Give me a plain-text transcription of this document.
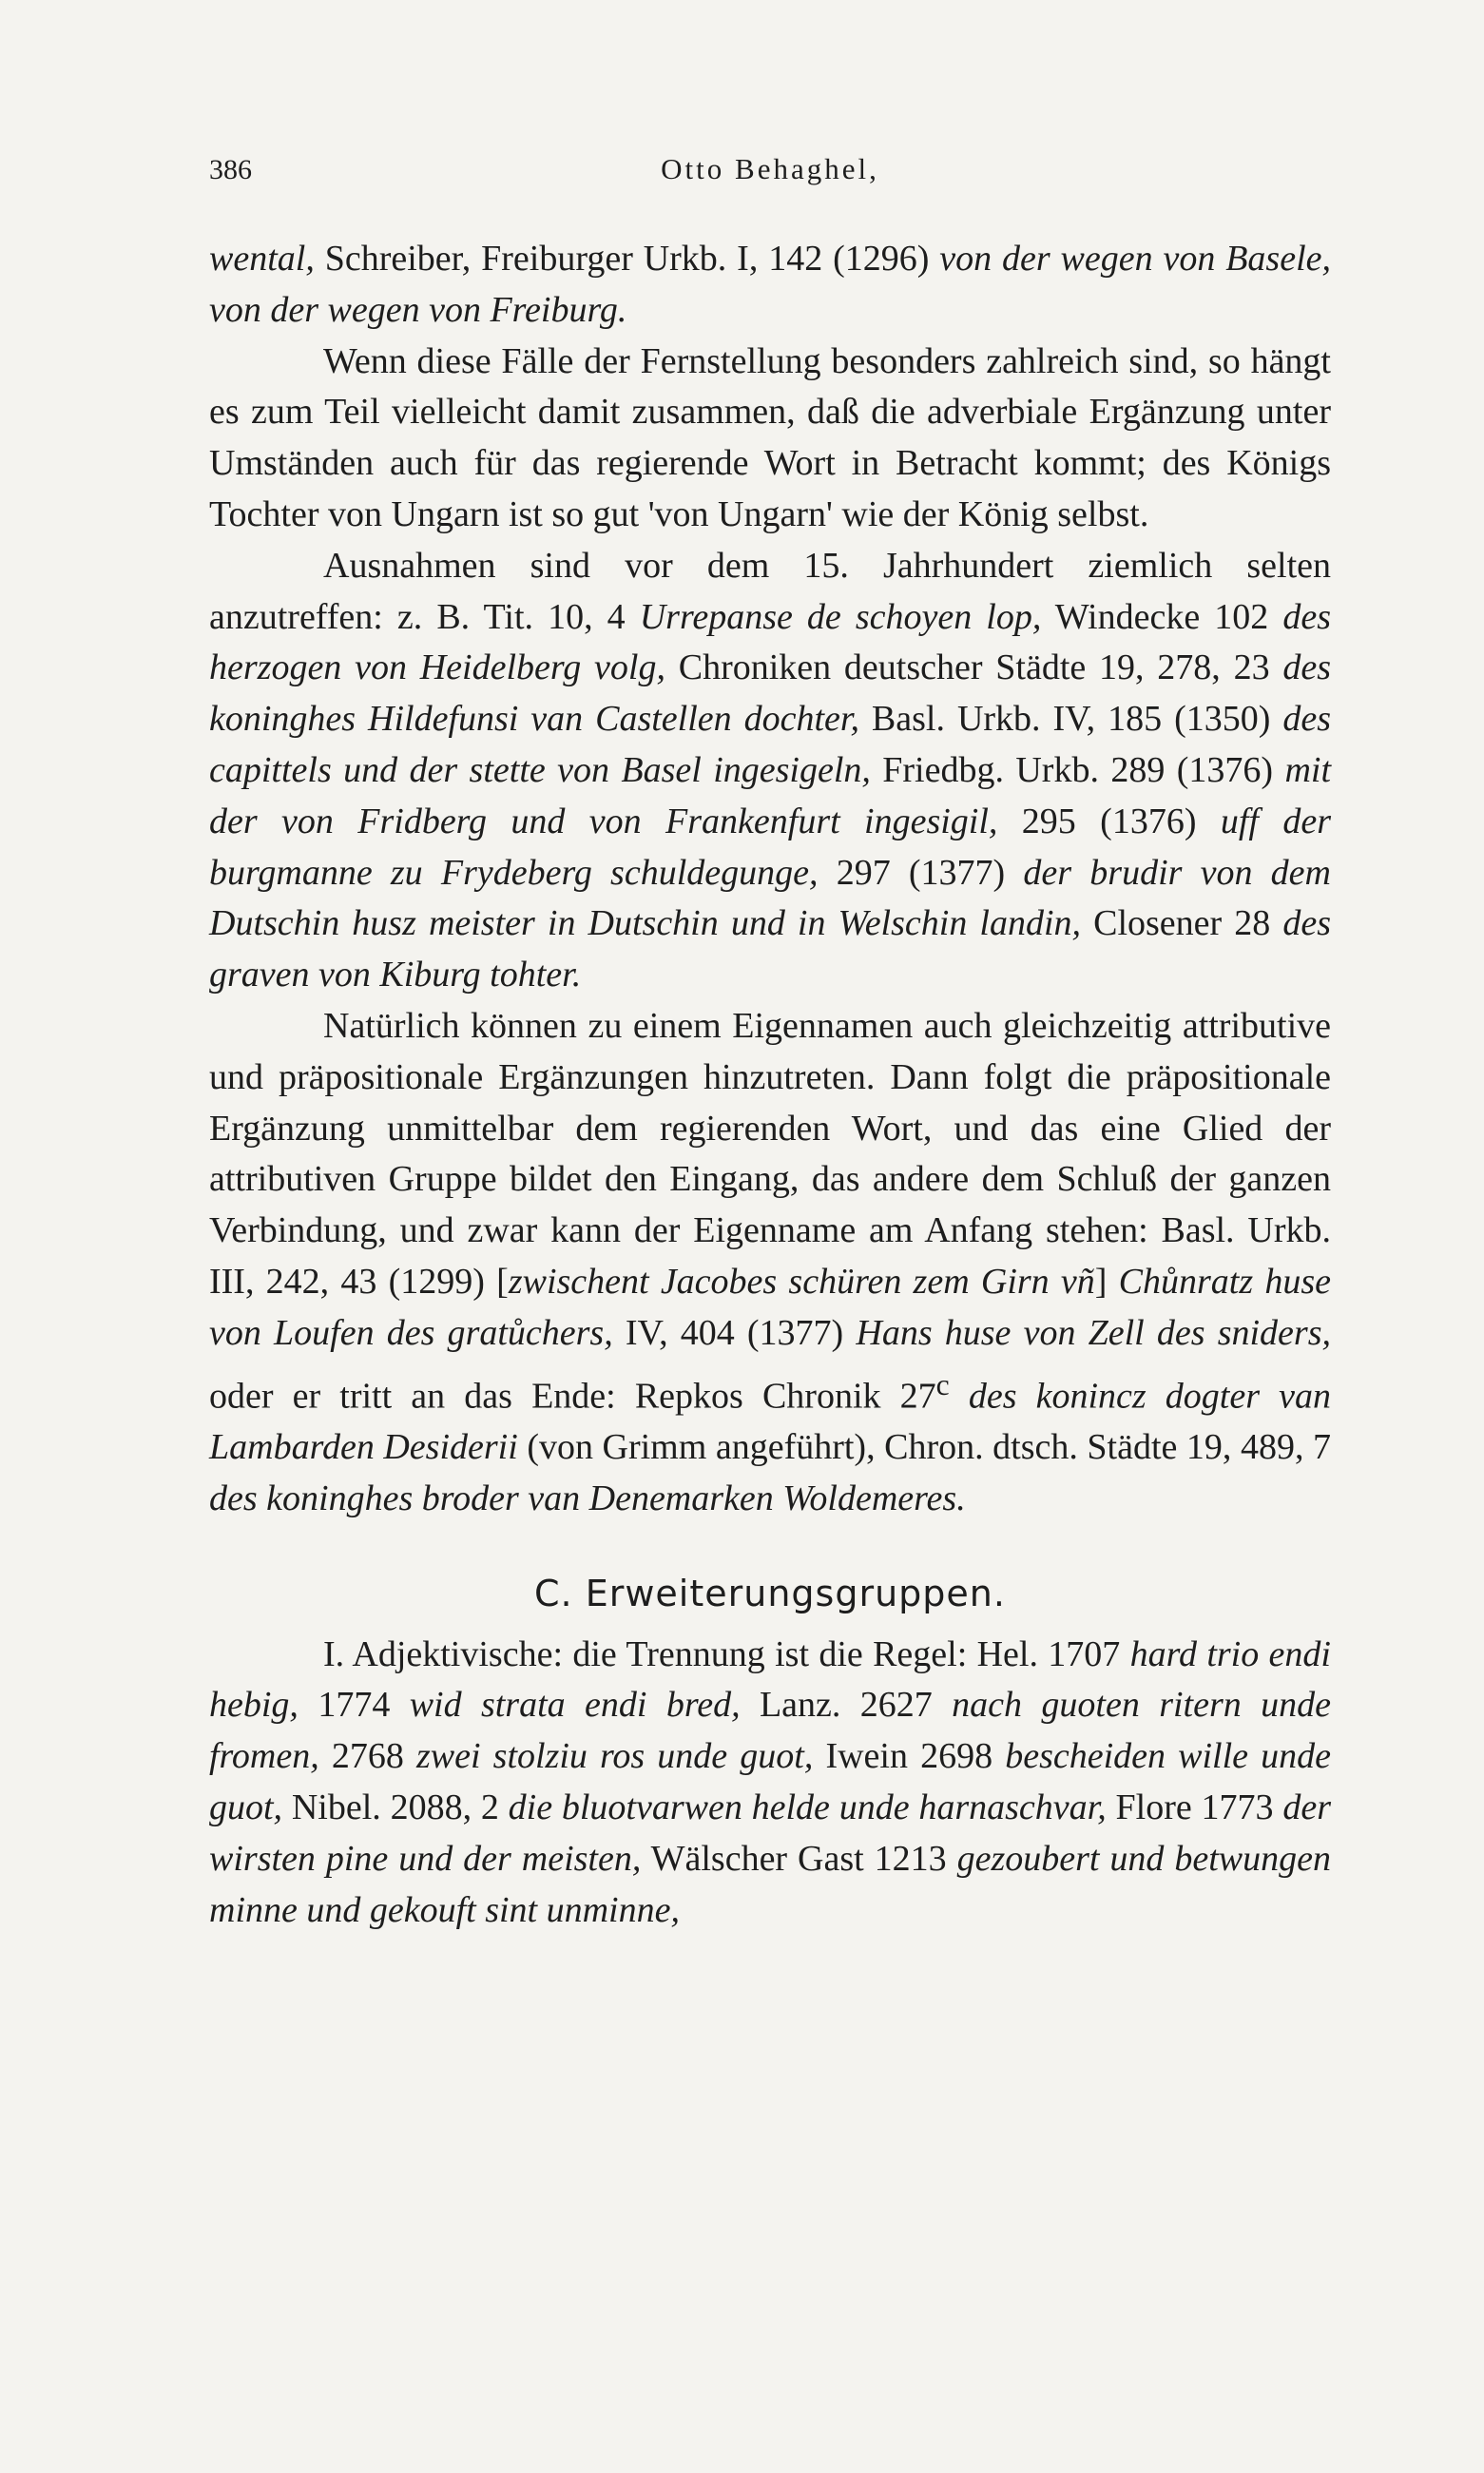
386	Otto Behaghel,

wental, Schreiber, Freiburger Urkb. I, 142 (1296) von der wegen von Basele, von der wegen von Freiburg.

Wenn diese Fälle der Fernstellung besonders zahlreich sind, so hängt es zum Teil vielleicht damit zusammen, daß die adverbiale Ergänzung unter Umständen auch für das regierende Wort in Betracht kommt; des Königs Tochter von Ungarn ist so gut 'von Ungarn' wie der König selbst.

Ausnahmen sind vor dem 15. Jahrhundert ziemlich selten anzutreffen: z. B. Tit. 10, 4 Urrepanse de schoyen lop, Windecke 102 des herzogen von Heidelberg volg, Chroniken deutscher Städte 19, 278, 23 des koninghes Hildefunsi van Castellen dochter, Basl. Urkb. IV, 185 (1350) des capittels und der stette von Basel ingesigeln, Friedbg. Urkb. 289 (1376) mit der von Fridberg und von Frankenfurt ingesigil, 295 (1376) uff der burgmanne zu Frydeberg schuldegunge, 297 (1377) der brudir von dem Dutschin husz meister in Dutschin und in Welschin landin, Closener 28 des graven von Kiburg tohter.

Natürlich können zu einem Eigennamen auch gleichzeitig attributive und präpositionale Ergänzungen hinzutreten. Dann folgt die präpositionale Ergänzung unmittelbar dem regierenden Wort, und das eine Glied der attributiven Gruppe bildet den Eingang, das andere dem Schluß der ganzen Verbindung, und zwar kann der Eigenname am Anfang stehen: Basl. Urkb. III, 242, 43 (1299) [zwischent Jacobes schüren zem Girn vñ] Chůnratz huse von Loufen des gratůchers, IV, 404 (1377) Hans huse von Zell des sniders, oder er tritt an das Ende: Repkos Chronik 27$^c$ des konincz dogter van Lambarden Desiderii (von Grimm angeführt), Chron. dtsch. Städte 19, 489, 7 des koninghes broder van Denemarken Woldemeres.

C. Erweiterungsgruppen.

I. Adjektivische: die Trennung ist die Regel: Hel. 1707 hard trio endi hebig, 1774 wid strata endi bred, Lanz. 2627 nach guoten ritern unde fromen, 2768 zwei stolziu ros unde guot, Iwein 2698 bescheiden wille unde guot, Nibel. 2088, 2 die bluotvarwen helde unde harnaschvar, Flore 1773 der wirsten pine und der meisten, Wälscher Gast 1213 gezoubert und betwungen minne und gekouft sint unminne,
